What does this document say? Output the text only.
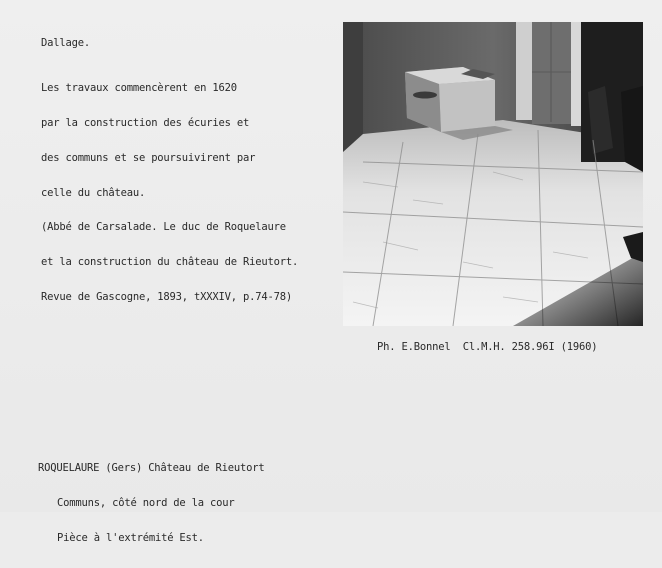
Dallage.

Les travaux commencèrent en 1620

par la construction des écuries et

des communs et se poursuivirent par

celle du château.

(Abbé de Carsalade. Le duc de Roquelaure

et la construction du château de Rieutort.

Revue de Gascogne, 1893, tXXXIV, p.74-78)

Ph. E.Bonnel  Cl.M.H. 258.96I (1960)

ROQUELAURE (Gers) Château de Rieutort

Communs, côté nord de la cour

Pièce à l'extrémité Est.
